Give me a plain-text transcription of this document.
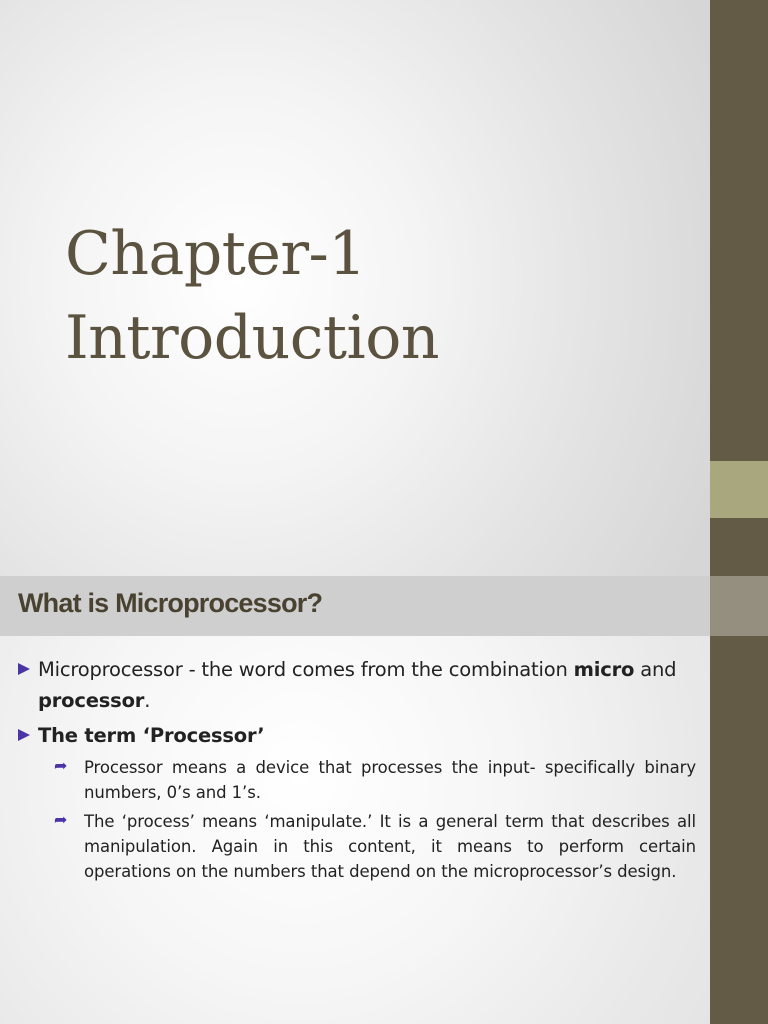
Chapter-1
Introduction
What is Microprocessor?
Microprocessor - the word comes from the combination micro and processor.
The term ‘Processor’
➦ Processor means a device that processes the input- specifically binary numbers, 0’s and 1’s.
➦ The ‘process’ means ‘manipulate.’ It is a general term that describes all manipulation. Again in this content, it means to perform certain operations on the numbers that depend on the microprocessor’s design.
